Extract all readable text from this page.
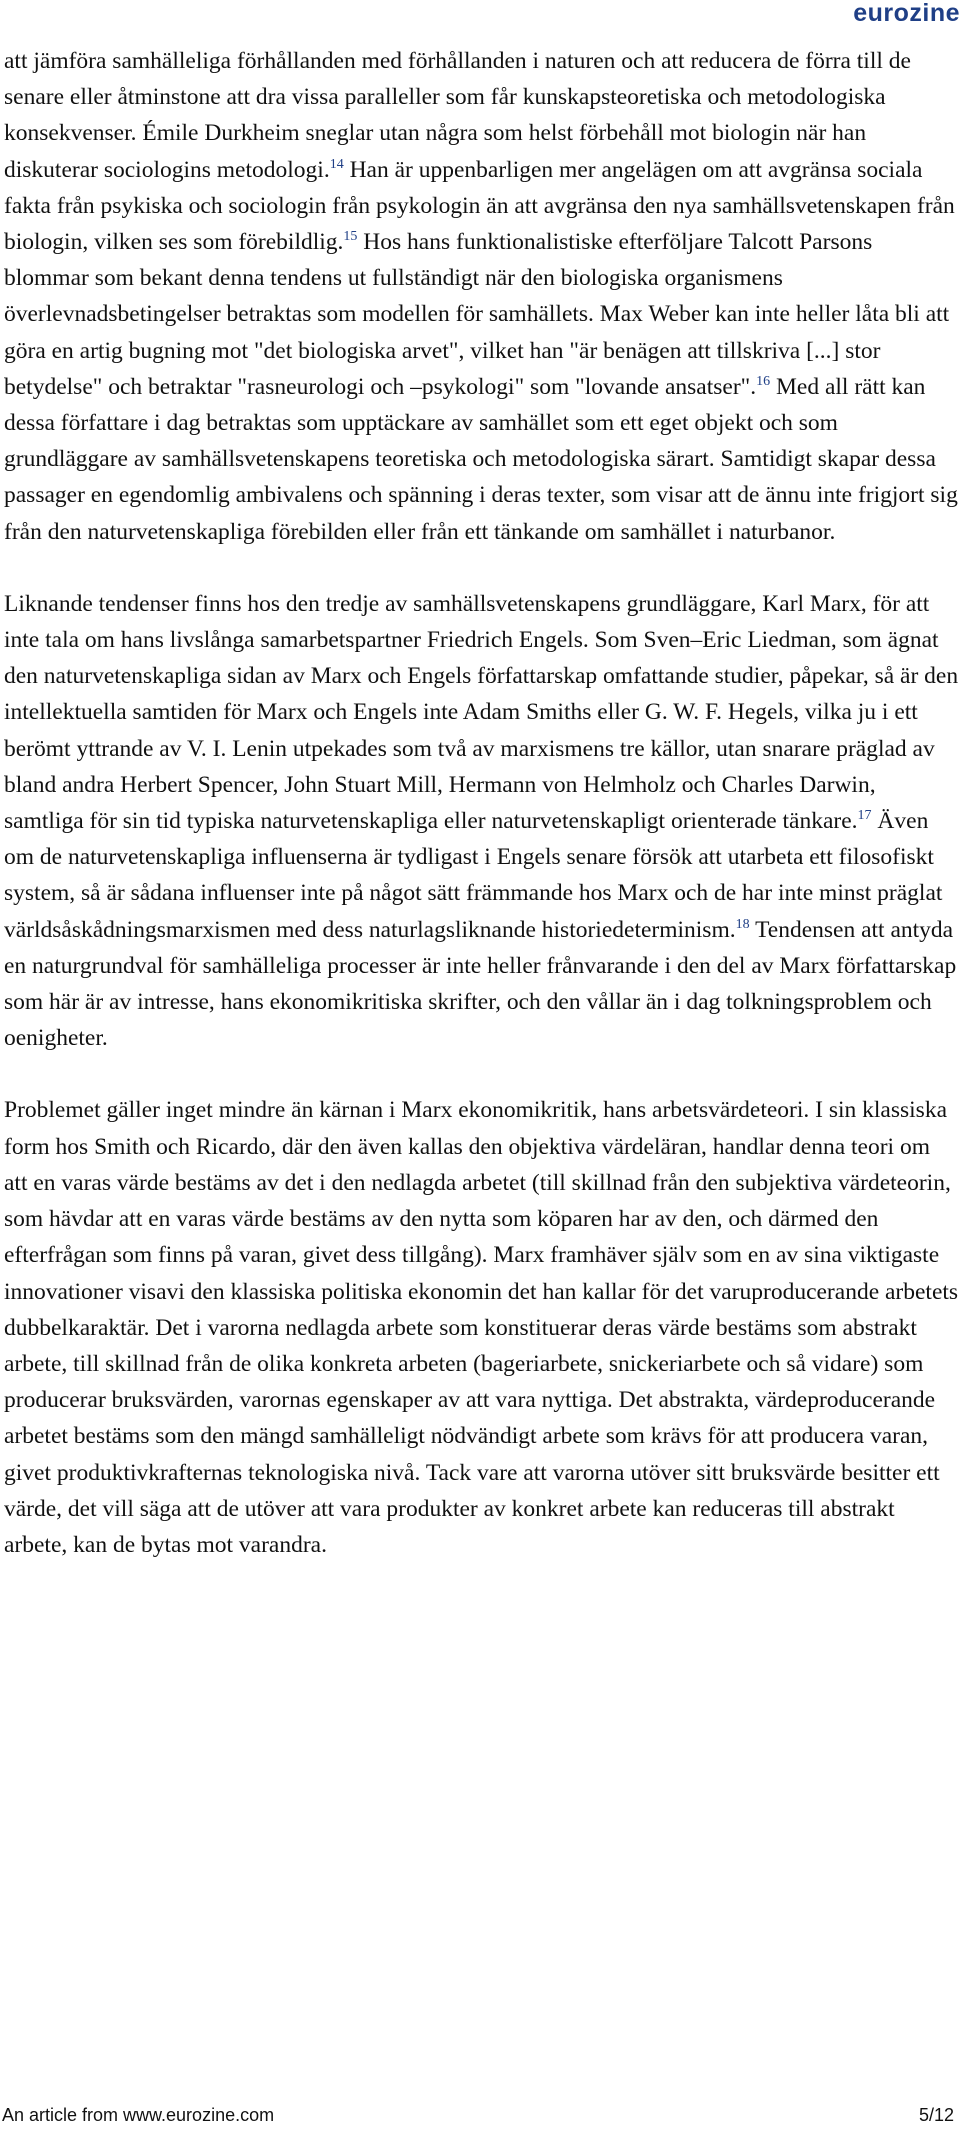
eurozine

att jämföra samhälleliga förhållanden med förhållanden i naturen och att reducera de förra till de senare eller åtminstone att dra vissa paralleller som får kunskapsteoretiska och metodologiska konsekvenser. Émile Durkheim sneglar utan några som helst förbehåll mot biologin när han diskuterar sociologins metodologi.$^{14}$ Han är uppenbarligen mer angelägen om att avgränsa sociala fakta från psykiska och sociologin från psykologin än att avgränsa den nya samhällsvetenskapen från biologin, vilken ses som förebildlig.$^{15}$ Hos hans funktionalistiske efterföljare Talcott Parsons blommar som bekant denna tendens ut fullständigt när den biologiska organismens överlevnadsbetingelser betraktas som modellen för samhällets. Max Weber kan inte heller låta bli att göra en artig bugning mot "det biologiska arvet", vilket han "är benägen att tillskriva [...] stor betydelse" och betraktar "rasneurologi och –psykologi" som "lovande ansatser".$^{16}$ Med all rätt kan dessa författare i dag betraktas som upptäckare av samhället som ett eget objekt och som grundläggare av samhällsvetenskapens teoretiska och metodologiska särart. Samtidigt skapar dessa passager en egendomlig ambivalens och spänning i deras texter, som visar att de ännu inte frigjort sig från den naturvetenskapliga förebilden eller från ett tänkande om samhället i naturbanor.

Liknande tendenser finns hos den tredje av samhällsvetenskapens grundläggare, Karl Marx, för att inte tala om hans livslånga samarbetspartner Friedrich Engels. Som Sven–Eric Liedman, som ägnat den naturvetenskapliga sidan av Marx och Engels författarskap omfattande studier, påpekar, så är den intellektuella samtiden för Marx och Engels inte Adam Smiths eller G. W. F. Hegels, vilka ju i ett berömt yttrande av V. I. Lenin utpekades som två av marxismens tre källor, utan snarare präglad av bland andra Herbert Spencer, John Stuart Mill, Hermann von Helmholz och Charles Darwin, samtliga för sin tid typiska naturvetenskapliga eller naturvetenskapligt orienterade tänkare.$^{17}$ Även om de naturvetenskapliga influenserna är tydligast i Engels senare försök att utarbeta ett filosofiskt system, så är sådana influenser inte på något sätt främmande hos Marx och de har inte minst präglat världsåskådningsmarxismen med dess naturlagsliknande historiedeterminism.$^{18}$ Tendensen att antyda en naturgrundval för samhälleliga processer är inte heller frånvarande i den del av Marx författarskap som här är av intresse, hans ekonomikritiska skrifter, och den vållar än i dag tolkningsproblem och oenigheter.

Problemet gäller inget mindre än kärnan i Marx ekonomikritik, hans arbetsvärdeteori. I sin klassiska form hos Smith och Ricardo, där den även kallas den objektiva värdeläran, handlar denna teori om att en varas värde bestäms av det i den nedlagda arbetet (till skillnad från den subjektiva värdeteorin, som hävdar att en varas värde bestäms av den nytta som köparen har av den, och därmed den efterfrågan som finns på varan, givet dess tillgång). Marx framhäver själv som en av sina viktigaste innovationer visavi den klassiska politiska ekonomin det han kallar för det varuproducerande arbetets dubbelkaraktär. Det i varorna nedlagda arbete som konstituerar deras värde bestäms som abstrakt arbete, till skillnad från de olika konkreta arbeten (bageriarbete, snickeriarbete och så vidare) som producerar bruksvärden, varornas egenskaper av att vara nyttiga. Det abstrakta, värdeproducerande arbetet bestäms som den mängd samhälleligt nödvändigt arbete som krävs för att producera varan, givet produktivkrafternas teknologiska nivå. Tack vare att varorna utöver sitt bruksvärde besitter ett värde, det vill säga att de utöver att vara produkter av konkret arbete kan reduceras till abstrakt arbete, kan de bytas mot varandra.

An article from www.eurozine.com	5/12
